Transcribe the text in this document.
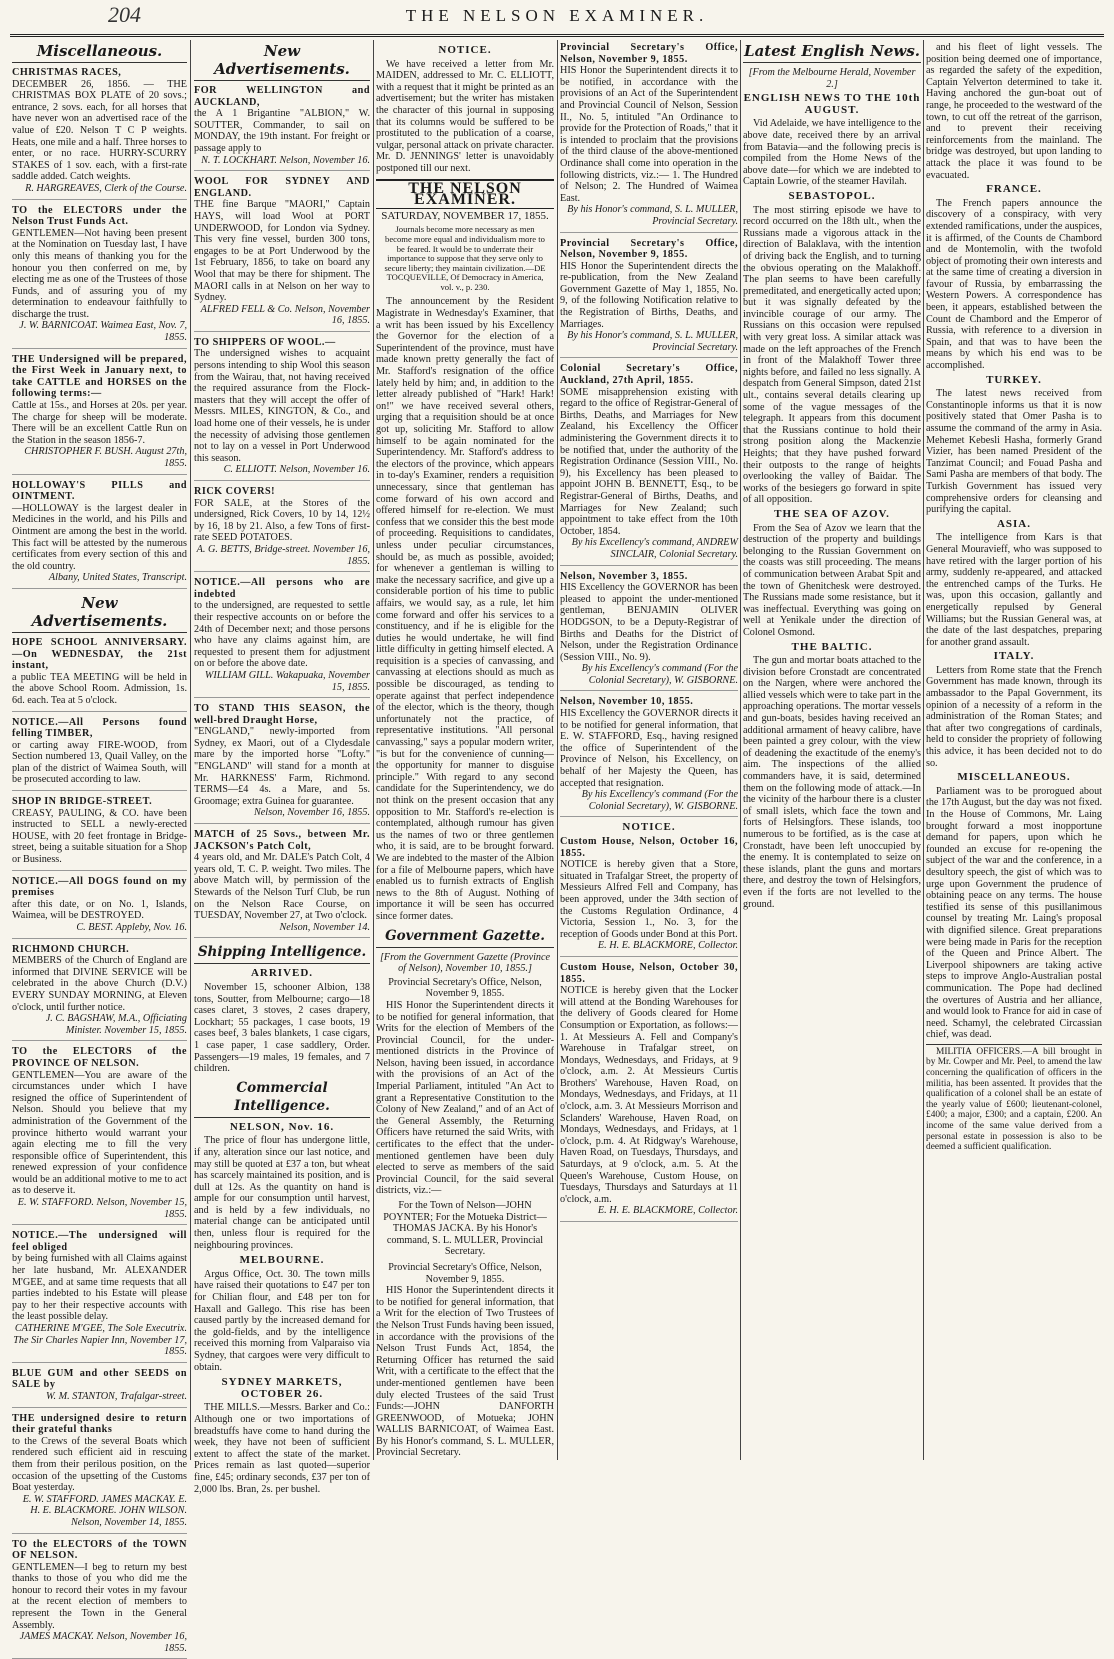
204	THE NELSON EXAMINER.
Miscellaneous.

CHRISTMAS RACES,

DECEMBER 26, 1856. — THE CHRISTMAS BOX PLATE of 20 sovs.; entrance, 2 sovs. each, for all horses that have never won an advertised race of the value of £20. Nelson T C P weights. Heats, one mile and a half. Three horses to enter, or no race. HURRY-SCURRY STAKES of 1 sov. each, with a first-rate saddle added. Catch weights.

R. HARGREAVES, Clerk of the Course.

TO the ELECTORS under the Nelson Trust Funds Act.

GENTLEMEN—Not having been present at the Nomination on Tuesday last, I have only this means of thanking you for the honour you then conferred on me, by electing me as one of the Trustees of those Funds, and of assuring you of my determination to endeavour faithfully to discharge the trust.

J. W. BARNICOAT. Waimea East, Nov. 7, 1855.

THE Undersigned will be prepared, the First Week in January next, to take CATTLE and HORSES on the following terms:—

Cattle at 15s., and Horses at 20s. per year. The charge for sheep will be moderate. There will be an excellent Cattle Run on the Station in the season 1856-7.

CHRISTOPHER F. BUSH. August 27th, 1855.

HOLLOWAY'S PILLS and OINTMENT.

—HOLLOWAY is the largest dealer in Medicines in the world, and his Pills and Ointment are among the best in the world. This fact will be attested by the numerous certificates from every section of this and the old country.

Albany, United States, Transcript.

New Advertisements.

HOPE SCHOOL ANNIVERSARY.—On WEDNESDAY, the 21st instant,

a public TEA MEETING will be held in the above School Room. Admission, 1s. 6d. each. Tea at 5 o'clock.

NOTICE.—All Persons found felling TIMBER,

or carting away FIRE-WOOD, from Section numbered 13, Quail Valley, on the plan of the district of Waimea South, will be prosecuted according to law.

SHOP IN BRIDGE-STREET.

CREASY, PAULING, & CO. have been instructed to SELL a newly-erected HOUSE, with 20 feet frontage in Bridge-street, being a suitable situation for a Shop or Business.

NOTICE.—All DOGS found on my premises

after this date, or on No. 1, Islands, Waimea, will be DESTROYED.

C. BEST. Appleby, Nov. 16.

RICHMOND CHURCH.

MEMBERS of the Church of England are informed that DIVINE SERVICE will be celebrated in the above Church (D.V.) EVERY SUNDAY MORNING, at Eleven o'clock, until further notice.

J. C. BAGSHAW, M.A., Officiating Minister. November 15, 1855.

TO the ELECTORS of the PROVINCE OF NELSON.

GENTLEMEN—You are aware of the circumstances under which I have resigned the office of Superintendent of Nelson. Should you believe that my administration of the Government of the province hitherto would warrant your again electing me to fill the very responsible office of Superintendent, this renewed expression of your confidence would be an additional motive to me to act as to deserve it.

E. W. STAFFORD. Nelson, November 15, 1855.

NOTICE.—The undersigned will feel obliged

by being furnished with all Claims against her late husband, Mr. ALEXANDER M'GEE, and at same time requests that all parties indebted to his Estate will please pay to her their respective accounts with the least possible delay.

CATHERINE M'GEE, The Sole Executrix. The Sir Charles Napier Inn, November 17, 1855.

BLUE GUM and other SEEDS on SALE by

W. M. STANTON, Trafalgar-street.

THE undersigned desire to return their grateful thanks

to the Crews of the several Boats which rendered such efficient aid in rescuing them from their perilous position, on the occasion of the upsetting of the Customs Boat yesterday.

E. W. STAFFORD. JAMES MACKAY. E. H. E. BLACKMORE. JOHN WILSON. Nelson, November 14, 1855.

TO the ELECTORS of the TOWN OF NELSON.

GENTLEMEN—I beg to return my best thanks to those of you who did me the honour to record their votes in my favour at the recent election of members to represent the Town in the General Assembly.

JAMES MACKAY. Nelson, November 16, 1855.

New Advertisements.

FOR WELLINGTON and AUCKLAND,

the A 1 Brigantine "ALBION," W. SOUTTER, Commander, to sail on MONDAY, the 19th instant. For freight or passage apply to

N. T. LOCKHART. Nelson, November 16.

WOOL FOR SYDNEY AND ENGLAND.

THE fine Barque "MAORI," Captain HAYS, will load Wool at PORT UNDERWOOD, for London via Sydney. This very fine vessel, burden 300 tons, engages to be at Port Underwood by the 1st February, 1856, to take on board any Wool that may be there for shipment. The MAORI calls in at Nelson on her way to Sydney.

ALFRED FELL & Co. Nelson, November 16, 1855.

TO SHIPPERS OF WOOL.—

The undersigned wishes to acquaint persons intending to ship Wool this season from the Wairau, that, not having received the required assurance from the Flock-masters that they will accept the offer of Messrs. MILES, KINGTON, & Co., and load home one of their vessels, he is under the necessity of advising those gentlemen not to lay on a vessel in Port Underwood this season.

C. ELLIOTT. Nelson, November 16.

RICK COVERS!

FOR SALE, at the Stores of the undersigned, Rick Covers, 10 by 14, 12½ by 16, 18 by 21. Also, a few Tons of first-rate SEED POTATOES.

A. G. BETTS, Bridge-street. November 16, 1855.

NOTICE.—All persons who are indebted

to the undersigned, are requested to settle their respective accounts on or before the 24th of December next; and those persons who have any claims against him, are requested to present them for adjustment on or before the above date.

WILLIAM GILL. Wakapuaka, November 15, 1855.

TO STAND THIS SEASON, the well-bred Draught Horse,

"ENGLAND," newly-imported from Sydney, ex Maori, out of a Clydesdale mare by the imported horse "Lofty." "ENGLAND" will stand for a month at Mr. HARKNESS' Farm, Richmond. TERMS—£4 4s. a Mare, and 5s. Groomage; extra Guinea for guarantee.

Nelson, November 16, 1855.

MATCH of 25 Sovs., between Mr. JACKSON's Patch Colt,

4 years old, and Mr. DALE's Patch Colt, 4 years old, T. C. P. weight. Two miles. The above Match will, by permission of the Stewards of the Nelson Turf Club, be run on the Nelson Race Course, on TUESDAY, November 27, at Two o'clock.

Nelson, November 14.

Shipping Intelligence.
ARRIVED.

November 15, schooner Albion, 138 tons, Soutter, from Melbourne; cargo—18 cases claret, 3 stoves, 2 cases drapery, Lockhart; 55 packages, 1 case boots, 19 cases beef, 3 bales blankets, 1 case cigars, 1 case paper, 1 case saddlery, Order. Passengers—19 males, 19 females, and 7 children.

Commercial Intelligence.
NELSON, Nov. 16.

The price of flour has undergone little, if any, alteration since our last notice, and may still be quoted at £37 a ton, but wheat has scarcely maintained its position, and is dull at 12s. As the quantity on hand is ample for our consumption until harvest, and is held by a few individuals, no material change can be anticipated until then, unless flour is required for the neighbouring provinces.

MELBOURNE.

Argus Office, Oct. 30. The town mills have raised their quotations to £47 per ton for Chilian flour, and £48 per ton for Haxall and Gallego. This rise has been caused partly by the increased demand for the gold-fields, and by the intelligence received this morning from Valparaiso via Sydney, that cargoes were very difficult to obtain.

SYDNEY MARKETS, OCTOBER 26.

THE MILLS.—Messrs. Barker and Co.: Although one or two importations of breadstuffs have come to hand during the week, they have not been of sufficient extent to affect the state of the market. Prices remain as last quoted—superior fine, £45; ordinary seconds, £37 per ton of 2,000 lbs. Bran, 2s. per bushel.

NOTICE.

We have received a letter from Mr. MAIDEN, addressed to Mr. C. ELLIOTT, with a request that it might be printed as an advertisement; but the writer has mistaken the character of this journal in supposing that its columns would be suffered to be prostituted to the publication of a coarse, vulgar, personal attack on private character. Mr. D. JENNINGS' letter is unavoidably postponed till our next.

THE NELSON EXAMINER.
SATURDAY, NOVEMBER 17, 1855.
Journals become more necessary as men become more equal and individualism more to be feared. It would be to underrate their importance to suppose that they serve only to secure liberty; they maintain civilization.—DE TOCQUEVILLE, Of Democracy in America, vol. v., p. 230.

The announcement by the Resident Magistrate in Wednesday's Examiner, that a writ has been issued by his Excellency the Governor for the election of a Superintendent of the province, must have made known pretty generally the fact of Mr. Stafford's resignation of the office lately held by him; and, in addition to the letter already published of "Hark! Hark! on!" we have received several others, urging that a requisition should be at once got up, soliciting Mr. Stafford to allow himself to be again nominated for the Superintendency. Mr. Stafford's address to the electors of the province, which appears in to-day's Examiner, renders a requisition unnecessary, since that gentleman has come forward of his own accord and offered himself for re-election. We must confess that we consider this the best mode of proceeding. Requisitions to candidates, unless under peculiar circumstances, should be, as much as possible, avoided; for whenever a gentleman is willing to make the necessary sacrifice, and give up a considerable portion of his time to public affairs, we would say, as a rule, let him come forward and offer his services to a constituency, and if he is eligible for the duties he would undertake, he will find little difficulty in getting himself elected. A requisition is a species of canvassing, and canvassing at elections should as much as possible be discouraged, as tending to operate against that perfect independence of the elector, which is the theory, though unfortunately not the practice, of representative institutions. "All personal canvassing," says a popular modern writer, "is but for the convenience of cunning—the opportunity for manner to disguise principle." With regard to any second candidate for the Superintendency, we do not think on the present occasion that any opposition to Mr. Stafford's re-election is contemplated, although rumour has given us the names of two or three gentlemen who, it is said, are to be brought forward. We are indebted to the master of the Albion for a file of Melbourne papers, which have enabled us to furnish extracts of English news to the 8th of August. Nothing of importance it will be seen has occurred since former dates.

Government Gazette.
[From the Government Gazette (Province of Nelson), November 10, 1855.]
Provincial Secretary's Office, Nelson, November 9, 1855.

HIS Honor the Superintendent directs it to be notified for general information, that Writs for the election of Members of the Provincial Council, for the under-mentioned districts in the Province of Nelson, having been issued, in accordance with the provisions of an Act of the Imperial Parliament, intituled "An Act to grant a Representative Constitution to the Colony of New Zealand," and of an Act of the General Assembly, the Returning Officers have returned the said Writs, with certificates to the effect that the under-mentioned gentlemen have been duly elected to serve as members of the said Provincial Council, for the said several districts, viz.:—

For the Town of Nelson—JOHN POYNTER; For the Motueka District—THOMAS JACKA. By his Honor's command, S. L. MULLER, Provincial Secretary.

Provincial Secretary's Office, Nelson, November 9, 1855.

HIS Honor the Superintendent directs it to be notified for general information, that a Writ for the election of Two Trustees of the Nelson Trust Funds having been issued, in accordance with the provisions of the Nelson Trust Funds Act, 1854, the Returning Officer has returned the said Writ, with a certificate to the effect that the under-mentioned gentlemen have been duly elected Trustees of the said Trust Funds:—JOHN DANFORTH GREENWOOD, of Motueka; JOHN WALLIS BARNICOAT, of Waimea East. By his Honor's command, S. L. MULLER, Provincial Secretary.

Provincial Secretary's Office, Nelson, November 9, 1855.

HIS Honor the Superintendent directs it to be notified, in accordance with the provisions of an Act of the Superintendent and Provincial Council of Nelson, Session II., No. 5, intituled "An Ordinance to provide for the Protection of Roads," that it is intended to proclaim that the provisions of the third clause of the above-mentioned Ordinance shall come into operation in the following districts, viz.:— 1. The Hundred of Nelson; 2. The Hundred of Waimea East.

By his Honor's command, S. L. MULLER, Provincial Secretary.

Provincial Secretary's Office, Nelson, November 9, 1855.

HIS Honor the Superintendent directs the re-publication, from the New Zealand Government Gazette of May 1, 1855, No. 9, of the following Notification relative to the Registration of Births, Deaths, and Marriages.

By his Honor's command, S. L. MULLER, Provincial Secretary.

Colonial Secretary's Office, Auckland, 27th April, 1855.

SOME misapprehension existing with regard to the office of Registrar-General of Births, Deaths, and Marriages for New Zealand, his Excellency the Officer administering the Government directs it to be notified that, under the authority of the Registration Ordinance (Session VIII., No. 9), his Excellency has been pleased to appoint JOHN B. BENNETT, Esq., to be Registrar-General of Births, Deaths, and Marriages for New Zealand; such appointment to take effect from the 10th October, 1854.

By his Excellency's command, ANDREW SINCLAIR, Colonial Secretary.

Nelson, November 3, 1855.

HIS Excellency the GOVERNOR has been pleased to appoint the under-mentioned gentleman, BENJAMIN OLIVER HODGSON, to be a Deputy-Registrar of Births and Deaths for the District of Nelson, under the Registration Ordinance (Session VIII., No. 9).

By his Excellency's command (For the Colonial Secretary), W. GISBORNE.

Nelson, November 10, 1855.

HIS Excellency the GOVERNOR directs it to be notified for general information, that E. W. STAFFORD, Esq., having resigned the office of Superintendent of the Province of Nelson, his Excellency, on behalf of her Majesty the Queen, has accepted that resignation.

By his Excellency's command (For the Colonial Secretary), W. GISBORNE.

NOTICE.

Custom House, Nelson, October 16, 1855.

NOTICE is hereby given that a Store, situated in Trafalgar Street, the property of Messieurs Alfred Fell and Company, has been approved, under the 34th section of the Customs Regulation Ordinance, 4 Victoria, Session 1., No. 3, for the reception of Goods under Bond at this Port.

E. H. E. BLACKMORE, Collector.

Custom House, Nelson, October 30, 1855.

NOTICE is hereby given that the Locker will attend at the Bonding Warehouses for the delivery of Goods cleared for Home Consumption or Exportation, as follows:— 1. At Messieurs A. Fell and Company's Warehouse in Trafalgar street, on Mondays, Wednesdays, and Fridays, at 9 o'clock, a.m. 2. At Messieurs Curtis Brothers' Warehouse, Haven Road, on Mondays, Wednesdays, and Fridays, at 11 o'clock, a.m. 3. At Messieurs Morrison and Sclanders' Warehouse, Haven Road, on Mondays, Wednesdays, and Fridays, at 1 o'clock, p.m. 4. At Ridgway's Warehouse, Haven Road, on Tuesdays, Thursdays, and Saturdays, at 9 o'clock, a.m. 5. At the Queen's Warehouse, Custom House, on Tuesdays, Thursdays and Saturdays at 11 o'clock, a.m.

E. H. E. BLACKMORE, Collector.

Latest English News.
[From the Melbourne Herald, November 2.]
ENGLISH NEWS TO THE 10th AUGUST.

Vid Adelaide, we have intelligence to the above date, received there by an arrival from Batavia—and the following precis is compiled from the Home News of the above date—for which we are indebted to Captain Lowrie, of the steamer Havilah.

SEBASTOPOL.

The most stirring episode we have to record occurred on the 18th ult., when the Russians made a vigorous attack in the direction of Balaklava, with the intention of driving back the English, and to turning the obvious operating on the Malakhoff. The plan seems to have been carefully premeditated, and energetically acted upon; but it was signally defeated by the invincible courage of our army. The Russians on this occasion were repulsed with very great loss. A similar attack was made on the left approaches of the French in front of the Malakhoff Tower three nights before, and failed no less signally. A despatch from General Simpson, dated 21st ult., contains several details clearing up some of the vague messages of the telegraph. It appears from this document that the Russians continue to hold their strong position along the Mackenzie Heights; that they have pushed forward their outposts to the range of heights overlooking the valley of Baidar. The works of the besiegers go forward in spite of all opposition.

THE SEA OF AZOV.

From the Sea of Azov we learn that the destruction of the property and buildings belonging to the Russian Government on the coasts was still proceeding. The means of communication between Arabat Spit and the town of Ghenitchesk were destroyed. The Russians made some resistance, but it was ineffectual. Everything was going on well at Yenikale under the direction of Colonel Osmond.

THE BALTIC.

The gun and mortar boats attached to the division before Cronstadt are concentrated on the Nargen, where were anchored the allied vessels which were to take part in the approaching operations. The mortar vessels and gun-boats, besides having received an additional armament of heavy calibre, have been painted a grey colour, with the view of deadening the exactitude of the enemy's aim. The inspections of the allied commanders have, it is said, determined them on the following mode of attack.—In the vicinity of the harbour there is a cluster of small islets, which face the town and forts of Helsingfors. These islands, too numerous to be fortified, as is the case at Cronstadt, have been left unoccupied by the enemy. It is contemplated to seize on these islands, plant the guns and mortars there, and destroy the town of Helsingfors, even if the forts are not levelled to the ground.

and his fleet of light vessels. The position being deemed one of importance, as regarded the safety of the expedition, Captain Yelverton determined to take it. Having anchored the gun-boat out of range, he proceeded to the westward of the town, to cut off the retreat of the garrison, and to prevent their receiving reinforcements from the mainland. The bridge was destroyed, but upon landing to attack the place it was found to be evacuated.

FRANCE.

The French papers announce the discovery of a conspiracy, with very extended ramifications, under the auspices, it is affirmed, of the Counts de Chambord and de Montemolin, with the twofold object of promoting their own interests and at the same time of creating a diversion in favour of Russia, by embarrassing the Western Powers. A correspondence has been, it appears, established between the Count de Chambord and the Emperor of Russia, with reference to a diversion in Spain, and that was to have been the means by which his end was to be accomplished.

TURKEY.

The latest news received from Constantinople informs us that it is now positively stated that Omer Pasha is to assume the command of the army in Asia. Mehemet Kebesli Hasha, formerly Grand Vizier, has been named President of the Tanzimat Council; and Fouad Pasha and Sami Pasha are members of that body. The Turkish Government has issued very comprehensive orders for cleansing and purifying the capital.

ASIA.

The intelligence from Kars is that General Mouravieff, who was supposed to have retired with the larger portion of his army, suddenly re-appeared, and attacked the entrenched camps of the Turks. He was, upon this occasion, gallantly and energetically repulsed by General Williams; but the Russian General was, at the date of the last despatches, preparing for another grand assault.

ITALY.

Letters from Rome state that the French Government has made known, through its ambassador to the Papal Government, its opinion of a necessity of a reform in the administration of the Roman States; and that after two congregations of cardinals, held to consider the propriety of following this advice, it has been decided not to do so.

MISCELLANEOUS.

Parliament was to be prorogued about the 17th August, but the day was not fixed. In the House of Commons, Mr. Laing brought forward a most inopportune demand for papers, upon which he founded an excuse for re-opening the subject of the war and the conference, in a desultory speech, the gist of which was to urge upon Government the prudence of obtaining peace on any terms. The house testified its sense of this pusillanimous counsel by treating Mr. Laing's proposal with dignified silence. Great preparations were being made in Paris for the reception of the Queen and Prince Albert. The Liverpool shipowners are taking active steps to improve Anglo-Australian postal communication. The Pope had declined the overtures of Austria and her alliance, and would look to France for aid in case of need. Schamyl, the celebrated Circassian chief, was dead.

MILITIA OFFICERS.—A bill brought in by Mr. Cowper and Mr. Peel, to amend the law concerning the qualification of officers in the militia, has been assented. It provides that the qualification of a colonel shall be an estate of the yearly value of £600; lieutenant-colonel, £400; a major, £300; and a captain, £200. An income of the same value derived from a personal estate in possession is also to be deemed a sufficient qualification.
